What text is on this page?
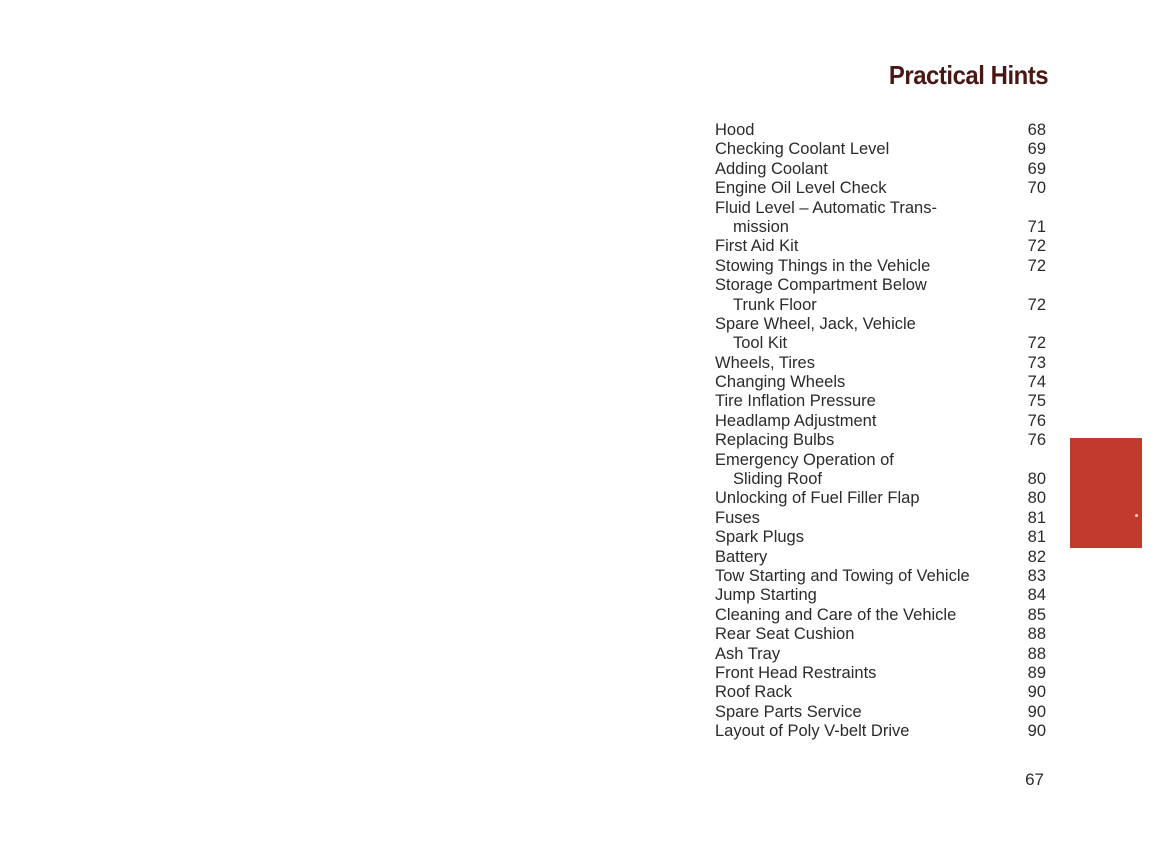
Practical Hints
Hood	68
Checking Coolant Level	69
Adding Coolant	69
Engine Oil Level Check	70
Fluid Level – Automatic Trans-
mission	71
First Aid Kit	72
Stowing Things in the Vehicle	72
Storage Compartment Below
Trunk Floor	72
Spare Wheel, Jack, Vehicle
Tool Kit	72
Wheels, Tires	73
Changing Wheels	74
Tire Inflation Pressure	75
Headlamp Adjustment	76
Replacing Bulbs	76
Emergency Operation of
Sliding Roof	80
Unlocking of Fuel Filler Flap	80
Fuses	81
Spark Plugs	81
Battery	82
Tow Starting and Towing of Vehicle	83
Jump Starting	84
Cleaning and Care of the Vehicle	85
Rear Seat Cushion	88
Ash Tray	88
Front Head Restraints	89
Roof Rack	90
Spare Parts Service	90
Layout of Poly V-belt Drive	90
67
